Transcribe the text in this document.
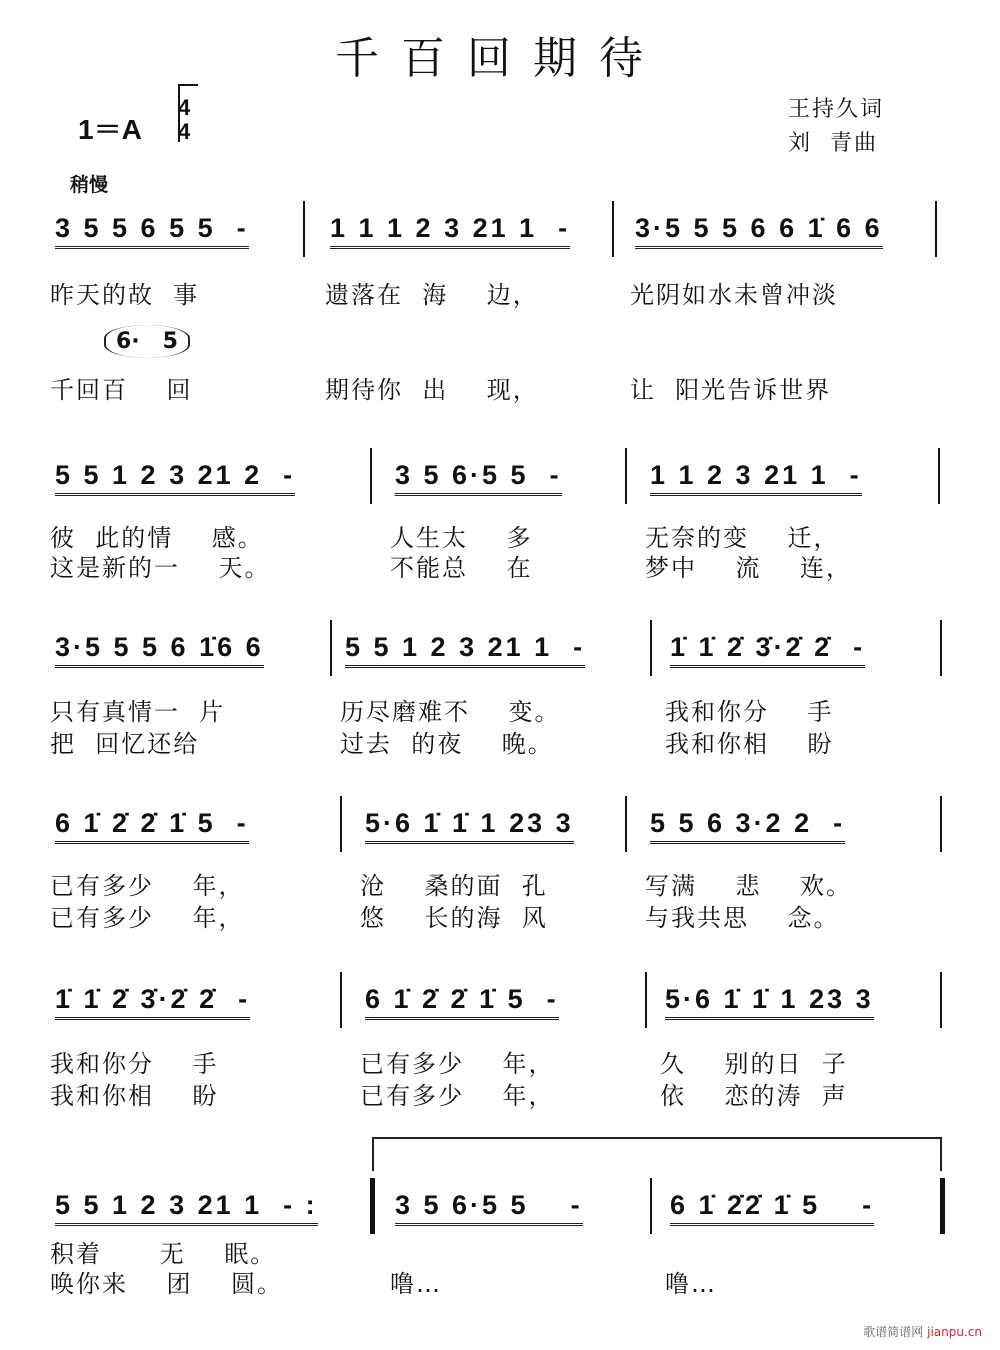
千百回期待
1＝A
4
4
王持久词
刘  青曲
稍慢
6·   5
3 5 5 6 5 5  -	1 1 1 2 3 21 1  - 3·5 5 5 6 6 1̇ 6 6
昨天的故  事	遗落在  海    边，	光阴如水未曾冲淡
千回百    回	期待你  出    现，	让  阳光告诉世界
5 5 1 2 3 21 2  -	3 5 6·5 5  -	1 1 2 3 21 1  -
彼  此的情    感。	人生太    多	无奈的变    迁，
这是新的一    天。	不能总    在	梦中    流    连，
3·5 5 5 6 1̇6 6	5 5 1 2 3 21 1  -	1̇ 1̇ 2̇ 3̇·2̇ 2̇  -
只有真情一  片	历尽磨难不    变。	我和你分    手
把  回忆还给	过去  的夜    晚。	我和你相    盼
6 1̇ 2̇ 2̇ 1̇ 5  -	5·6 1̇ 1̇ 1 23 3	5 5 6 3·2 2  -
已有多少    年，	沧    桑的面  孔	写满    悲    欢。
已有多少    年，	悠    长的海  风	与我共思    念。
1̇ 1̇ 2̇ 3̇·2̇ 2̇  -	6 1̇ 2̇ 2̇ 1̇ 5  -	5·6 1̇ 1̇ 1 23 3
我和你分    手	已有多少    年，	久    别的日  子
我和你相    盼	已有多少    年，	依    恋的涛  声
5 5 1 2 3 21 1  - :	3 5 6·5 5    -	6 1̇ 2̇2̇ 1̇ 5    -
积着      无    眠。
唤你来    团    圆。	噜…	噜…
歌谱简谱网 jianpu.cn
